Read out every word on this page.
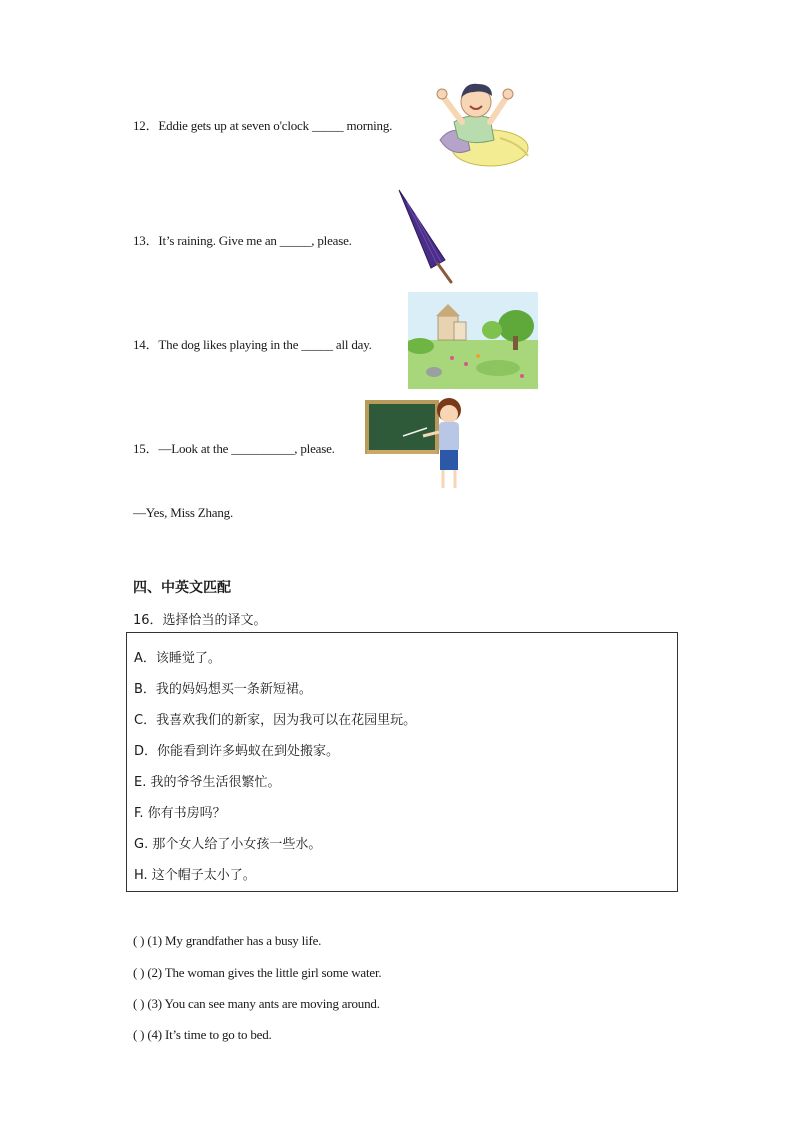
12．Eddie gets up at seven o'clock _____ morning.
13．It’s raining. Give me an _____, please.
14．The dog likes playing in the _____ all day.
15．—Look at the __________, please.
—Yes, Miss Zhang.
四、中英文匹配
16．选择恰当的译文。
A．该睡觉了。
B．我的妈妈想买一条新短裙。
C．我喜欢我们的新家，因为我可以在花园里玩。
D．你能看到许多蚂蚁在到处搬家。
E. 我的爷爷生活很繁忙。
F. 你有书房吗？
G. 那个女人给了小女孩一些水。
H. 这个帽子太小了。
( ) (1) My grandfather has a busy life.
( ) (2) The woman gives the little girl some water.
( ) (3) You can see many ants are moving around.
( ) (4) It’s time to go to bed.
